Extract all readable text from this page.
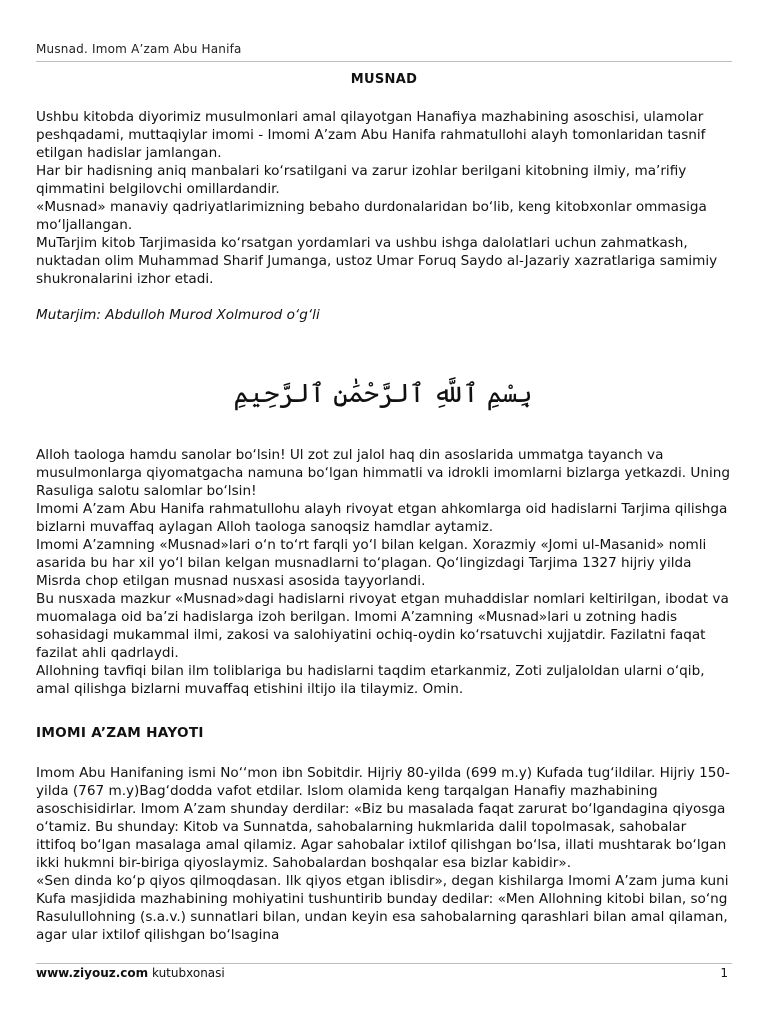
Musnad. Imom A’zam Abu Hanifa
MUSNAD

Ushbu kitobda diyorimiz musulmonlari amal qilayotgan Hanafiya mazhabining asoschisi, ulamolar peshqadami, muttaqiylar imomi - Imomi A’zam Abu Hanifa rahmatullohi alayh tomonlaridan tasnif etilgan hadislar jamlangan.

Har bir hadisning aniq manbalari ko‘rsatilgani va zarur izohlar berilgani kitobning ilmiy, ma’rifiy qimmatini belgilovchi omillardandir.

«Musnad» manaviy qadriyatlarimizning bebaho durdonalaridan bo‘lib, keng kitobxonlar ommasiga mo‘ljallangan.

MuTarjim kitob Tarjimasida ko‘rsatgan yordamlari va ushbu ishga dalolatlari uchun zahmatkash, nuktadan olim Muhammad Sharif Jumanga, ustoz Umar Foruq Saydo al-Jazariy xazratlariga samimiy shukronalarini izhor etadi.

Mutarjim: Abdulloh Murod Xolmurod o‘g‘li

بِسْمِ ٱللَّهِ ٱلرَّحْمَٰنِ ٱلرَّحِيمِ

Alloh taologa hamdu sanolar bo‘lsin! Ul zot zul jalol haq din asoslarida ummatga tayanch va musulmonlarga qiyomatgacha namuna bo‘lgan himmatli va idrokli imomlarni bizlarga yetkazdi. Uning Rasuliga salotu salomlar bo‘lsin!

Imomi A’zam Abu Hanifa rahmatullohu alayh rivoyat etgan ahkomlarga oid hadislarni Tarjima qilishga bizlarni muvaffaq aylagan Alloh taologa sanoqsiz hamdlar aytamiz.

Imomi A’zamning «Musnad»lari o‘n to‘rt farqli yo‘l bilan kelgan. Xorazmiy «Jomi ul-Masanid» nomli asarida bu har xil yo‘l bilan kelgan musnadlarni to‘plagan. Qo‘lingizdagi Tarjima 1327 hijriy yilda Misrda chop etilgan musnad nusxasi asosida tayyorlandi.

Bu nusxada mazkur «Musnad»dagi hadislarni rivoyat etgan muhaddislar nomlari keltirilgan, ibodat va muomalaga oid ba’zi hadislarga izoh berilgan. Imomi A’zamning «Musnad»lari u zotning hadis sohasidagi mukammal ilmi, zakosi va salohiyatini ochiq-oydin ko‘rsatuvchi xujjatdir. Fazilatni faqat fazilat ahli qadrlaydi.

Allohning tavfiqi bilan ilm toliblariga bu hadislarni taqdim etarkanmiz, Zoti zuljaloldan ularni o‘qib, amal qilishga bizlarni muvaffaq etishini iltijo ila tilaymiz. Omin.

IMOMI A’ZAM HAYOTI

Imom Abu Hanifaning ismi No‘‘mon ibn Sobitdir. Hijriy 80-yilda (699 m.y) Kufada tug‘ildilar. Hijriy 150-yilda (767 m.y)Bag‘dodda vafot etdilar. Islom olamida keng tarqalgan Hanafiy mazhabining asoschisidirlar. Imom A’zam shunday derdilar: «Biz bu masalada faqat zarurat bo‘lgandagina qiyosga o‘tamiz. Bu shunday: Kitob va Sunnatda, sahobalarning hukmlarida dalil topolmasak, sahobalar ittifoq bo‘lgan masalaga amal qilamiz. Agar sahobalar ixtilof qilishgan bo‘lsa, illati mushtarak bo‘lgan ikki hukmni bir-biriga qiyoslaymiz. Sahobalardan boshqalar esa bizlar kabidir».

«Sen dinda ko‘p qiyos qilmoqdasan. Ilk qiyos etgan iblisdir», degan kishilarga Imomi A’zam juma kuni Kufa masjidida mazhabining mohiyatini tushuntirib bunday dedilar: «Men Allohning kitobi bilan, so‘ng Rasulullohning (s.a.v.) sunnatlari bilan, undan keyin esa sahobalarning qarashlari bilan amal qilaman, agar ular ixtilof qilishgan bo‘lsagina

www.ziyouz.com kutubxonasi	1
